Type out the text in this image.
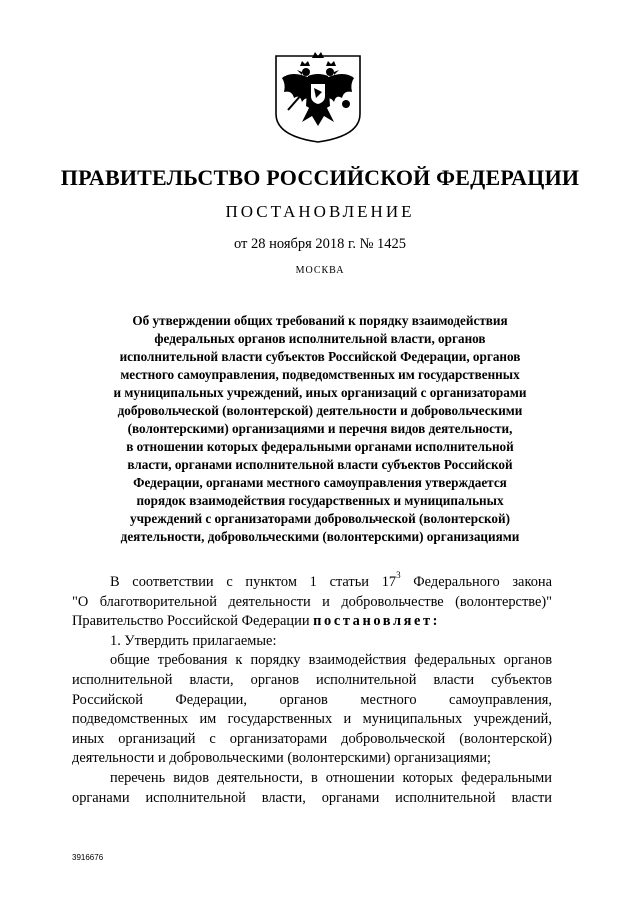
ПРАВИТЕЛЬСТВО РОССИЙСКОЙ ФЕДЕРАЦИИ
ПОСТАНОВЛЕНИЕ
от 28 ноября 2018 г. № 1425
МОСКВА
Об утверждении общих требований к порядку взаимодействия
федеральных органов исполнительной власти, органов
исполнительной власти субъектов Российской Федерации, органов
местного самоуправления, подведомственных им государственных
и муниципальных учреждений, иных организаций с организаторами
добровольческой (волонтерской) деятельности и добровольческими
(волонтерскими) организациями и перечня видов деятельности,
в отношении которых федеральными органами исполнительной
власти, органами исполнительной власти субъектов Российской
Федерации, органами местного самоуправления утверждается
порядок взаимодействия государственных и муниципальных
учреждений с организаторами добровольческой (волонтерской)
деятельности, добровольческими (волонтерскими) организациями
В соответствии с пунктом 1 статьи $17^3$ Федерального закона
"О благотворительной деятельности и добровольчестве (волонтерстве)"
Правительство Российской Федерации постановляет:
1. Утвердить прилагаемые:
общие требования к порядку взаимодействия федеральных органов
исполнительной власти, органов исполнительной власти субъектов
Российской Федерации, органов местного самоуправления,
подведомственных им государственных и муниципальных учреждений,
иных организаций с организаторами добровольческой (волонтерской)
деятельности и добровольческими (волонтерскими) организациями;
перечень видов деятельности, в отношении которых федеральными
органами исполнительной власти, органами исполнительной власти
3916676
